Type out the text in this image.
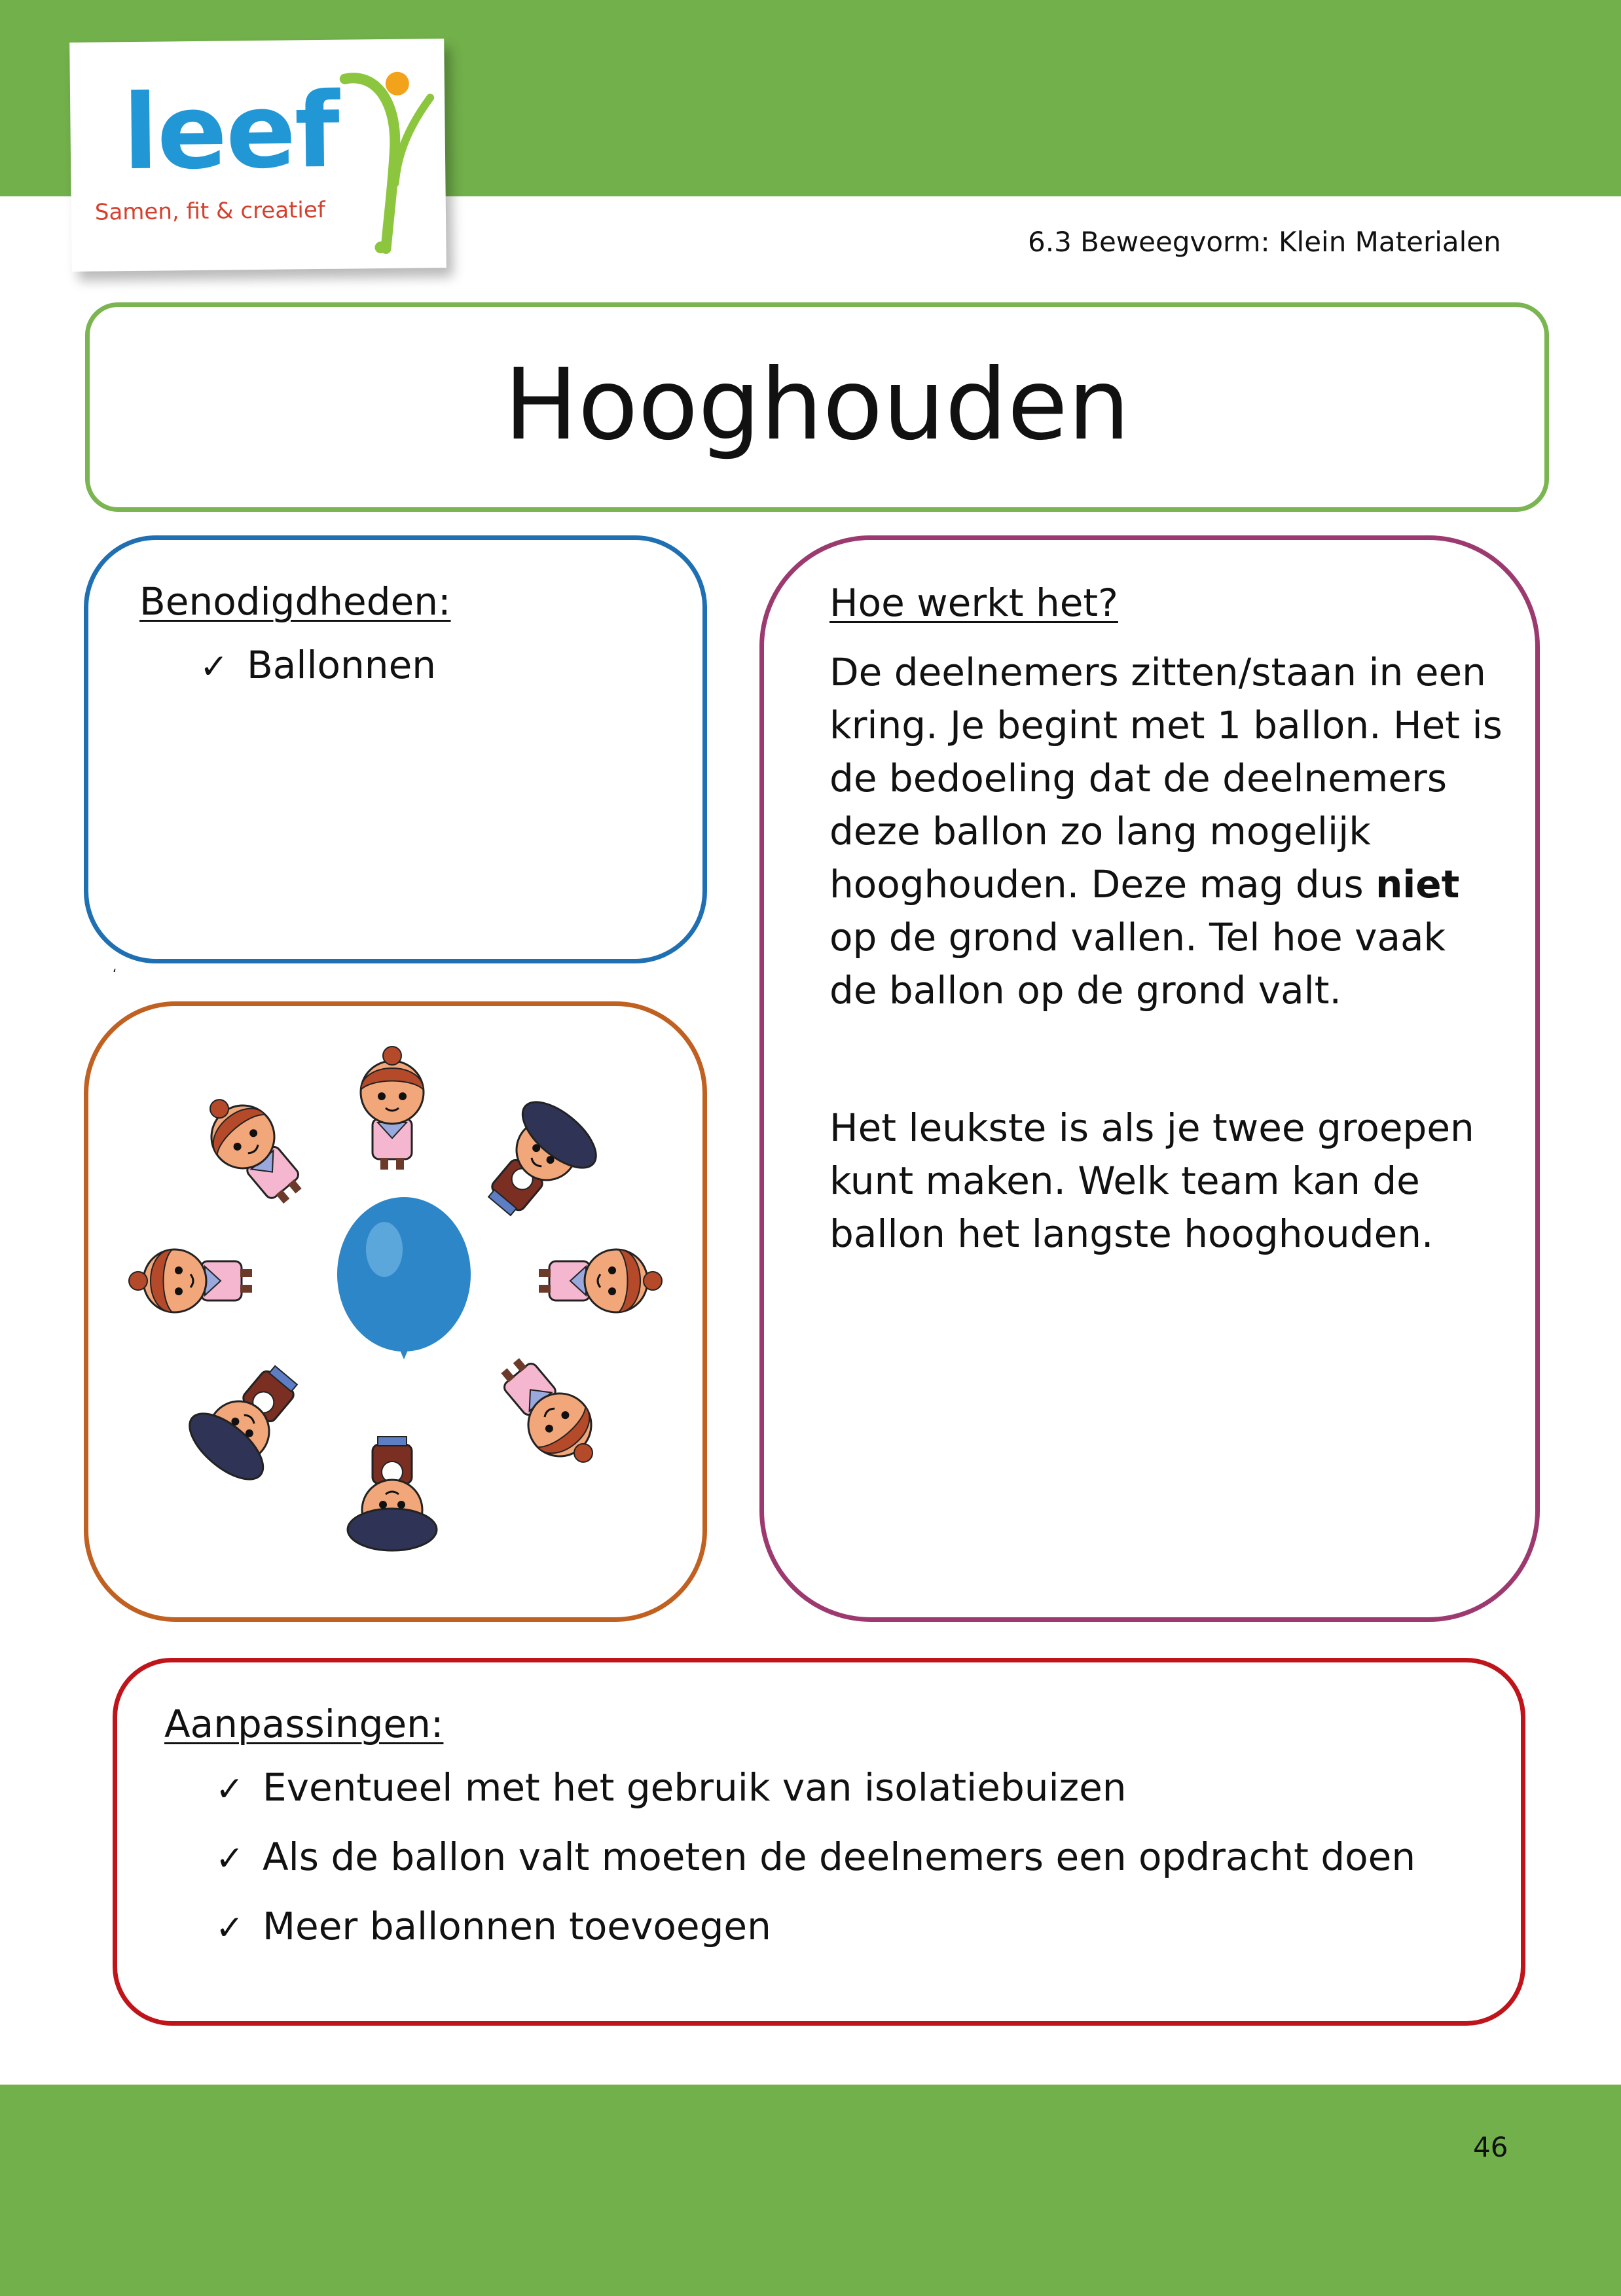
leef
Samen, fit & creatief
6.3 Beweegvorm: Klein Materialen
Hooghouden
Benodigdheden:
✓ Ballonnen
‘
Hoe werkt het?

De deelnemers zitten/staan in een kring. Je begint met 1 ballon. Het is de bedoeling dat de deelnemers deze ballon zo lang mogelijk hooghouden. Deze mag dus niet op de grond vallen. Tel hoe vaak de ballon op de grond valt.

Het leukste is als je twee groepen kunt maken. Welk team kan de ballon het langste hooghouden.

Aanpassingen:
✓ Eventueel met het gebruik van isolatiebuizen
✓ Als de ballon valt moeten de deelnemers een opdracht doen
✓ Meer ballonnen toevoegen
46
